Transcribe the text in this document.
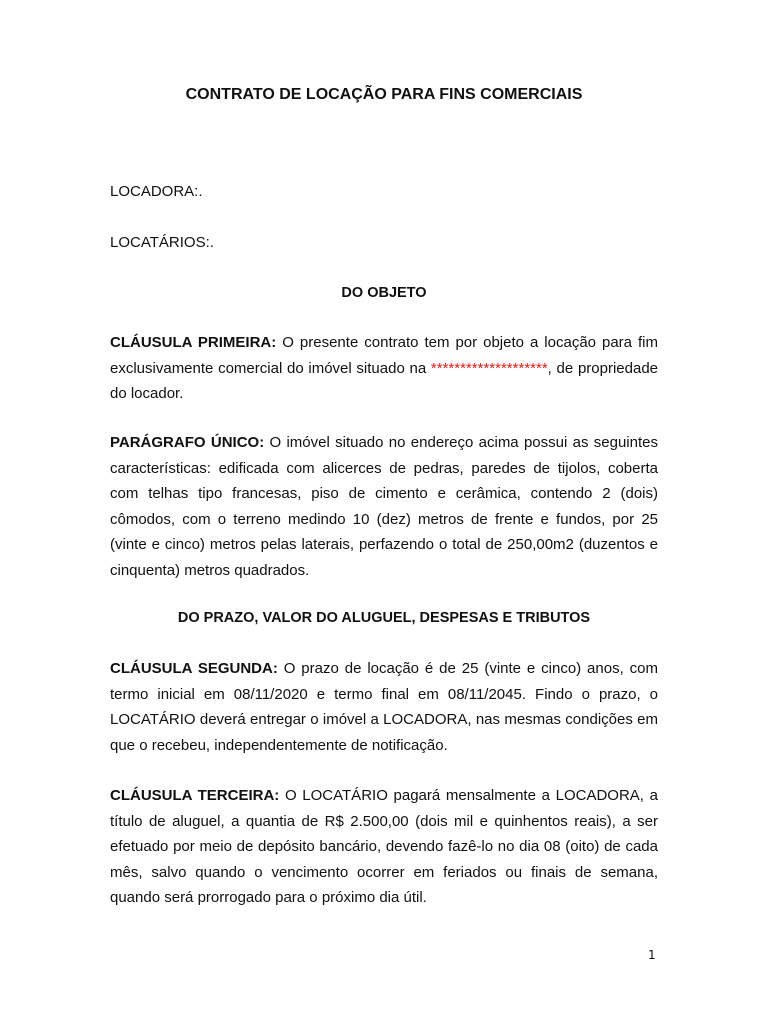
CONTRATO DE LOCAÇÃO PARA FINS COMERCIAIS
LOCADORA:.
LOCATÁRIOS:.
DO OBJETO
CLÁUSULA PRIMEIRA: O presente contrato tem por objeto a locação para fim exclusivamente comercial do imóvel situado na ********************, de propriedade do locador.
PARÁGRAFO ÚNICO: O imóvel situado no endereço acima possui as seguintes características: edificada com alicerces de pedras, paredes de tijolos, coberta com telhas tipo francesas, piso de cimento e cerâmica, contendo 2 (dois) cômodos, com o terreno medindo 10 (dez) metros de frente e fundos, por 25 (vinte e cinco) metros pelas laterais, perfazendo o total de 250,00m2 (duzentos e cinquenta) metros quadrados.
DO PRAZO, VALOR DO ALUGUEL, DESPESAS E TRIBUTOS
CLÁUSULA SEGUNDA: O prazo de locação é de 25 (vinte e cinco) anos, com termo inicial em 08/11/2020 e termo final em 08/11/2045. Findo o prazo, o LOCATÁRIO deverá entregar o imóvel a LOCADORA, nas mesmas condições em que o recebeu, independentemente de notificação.
CLÁUSULA TERCEIRA: O LOCATÁRIO pagará mensalmente a LOCADORA, a título de aluguel, a quantia de R$ 2.500,00 (dois mil e quinhentos reais), a ser efetuado por meio de depósito bancário, devendo fazê-lo no dia 08 (oito) de cada mês, salvo quando o vencimento ocorrer em feriados ou finais de semana, quando será prorrogado para o próximo dia útil.
1
